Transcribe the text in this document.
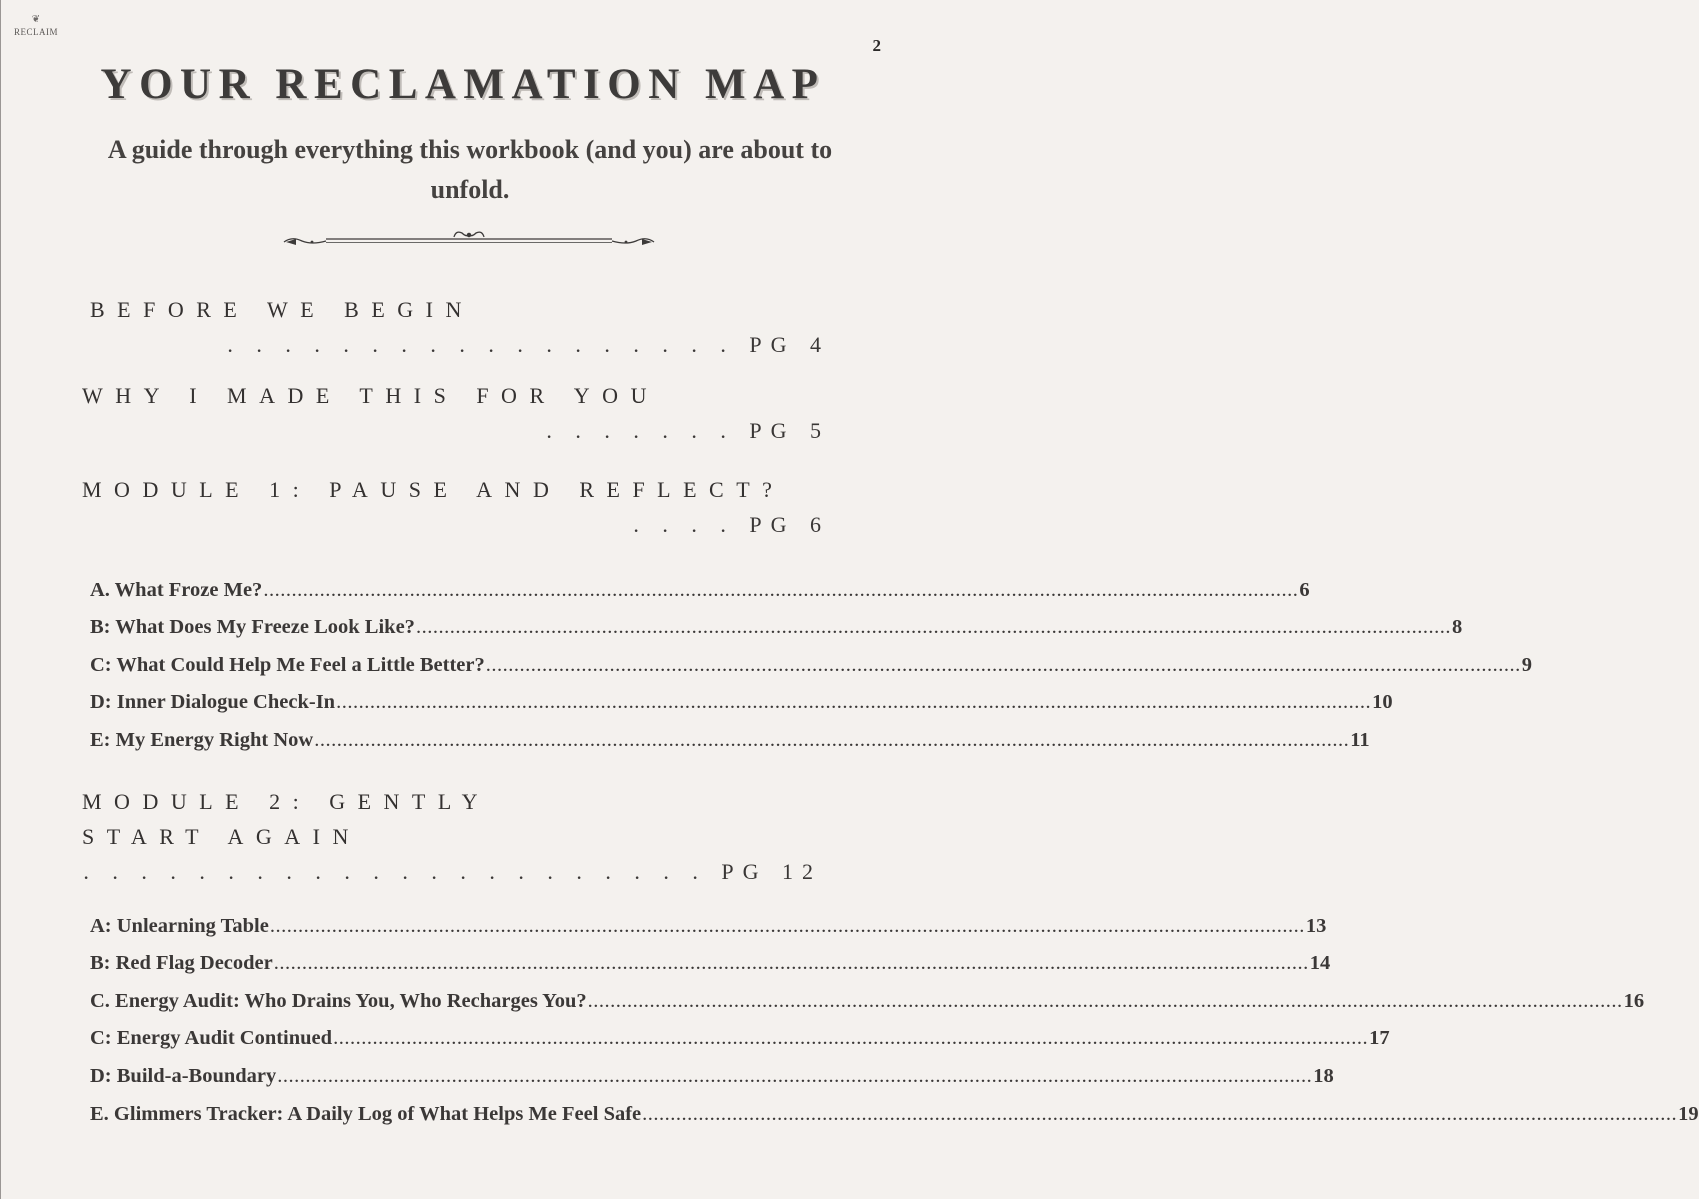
❦
RECLAIM
2
YOUR RECLAMATION MAP

A guide through everything this workbook (and you) are about to unfold.

BEFORE WE BEGIN
. . . . . . . . . . . . . . . . . . PG 4
WHY I MADE THIS FOR YOU
. . . . . . . PG 5
MODULE 1: PAUSE AND REFLECT?
. . . . PG 6
A. What Froze Me? ........................................................................................................................................................................................ 6
B: What Does My Freeze Look Like? ........................................................................................................................................................................................ 8
C: What Could Help Me Feel a Little Better? ........................................................................................................................................................................................ 9
D: Inner Dialogue Check-In ........................................................................................................................................................................................ 10
E: My Energy Right Now ........................................................................................................................................................................................ 11
MODULE 2: GENTLY
START AGAIN
. . . . . . . . . . . . . . . . . . . . . . PG 12
A: Unlearning Table ........................................................................................................................................................................................ 13
B: Red Flag Decoder ........................................................................................................................................................................................ 14
C. Energy Audit: Who Drains You, Who Recharges You? ........................................................................................................................................................................................ 16
C: Energy Audit Continued ........................................................................................................................................................................................ 17
D: Build-a-Boundary ........................................................................................................................................................................................ 18
E. Glimmers Tracker: A Daily Log of What Helps Me Feel Safe ........................................................................................................................................................................................ 19
